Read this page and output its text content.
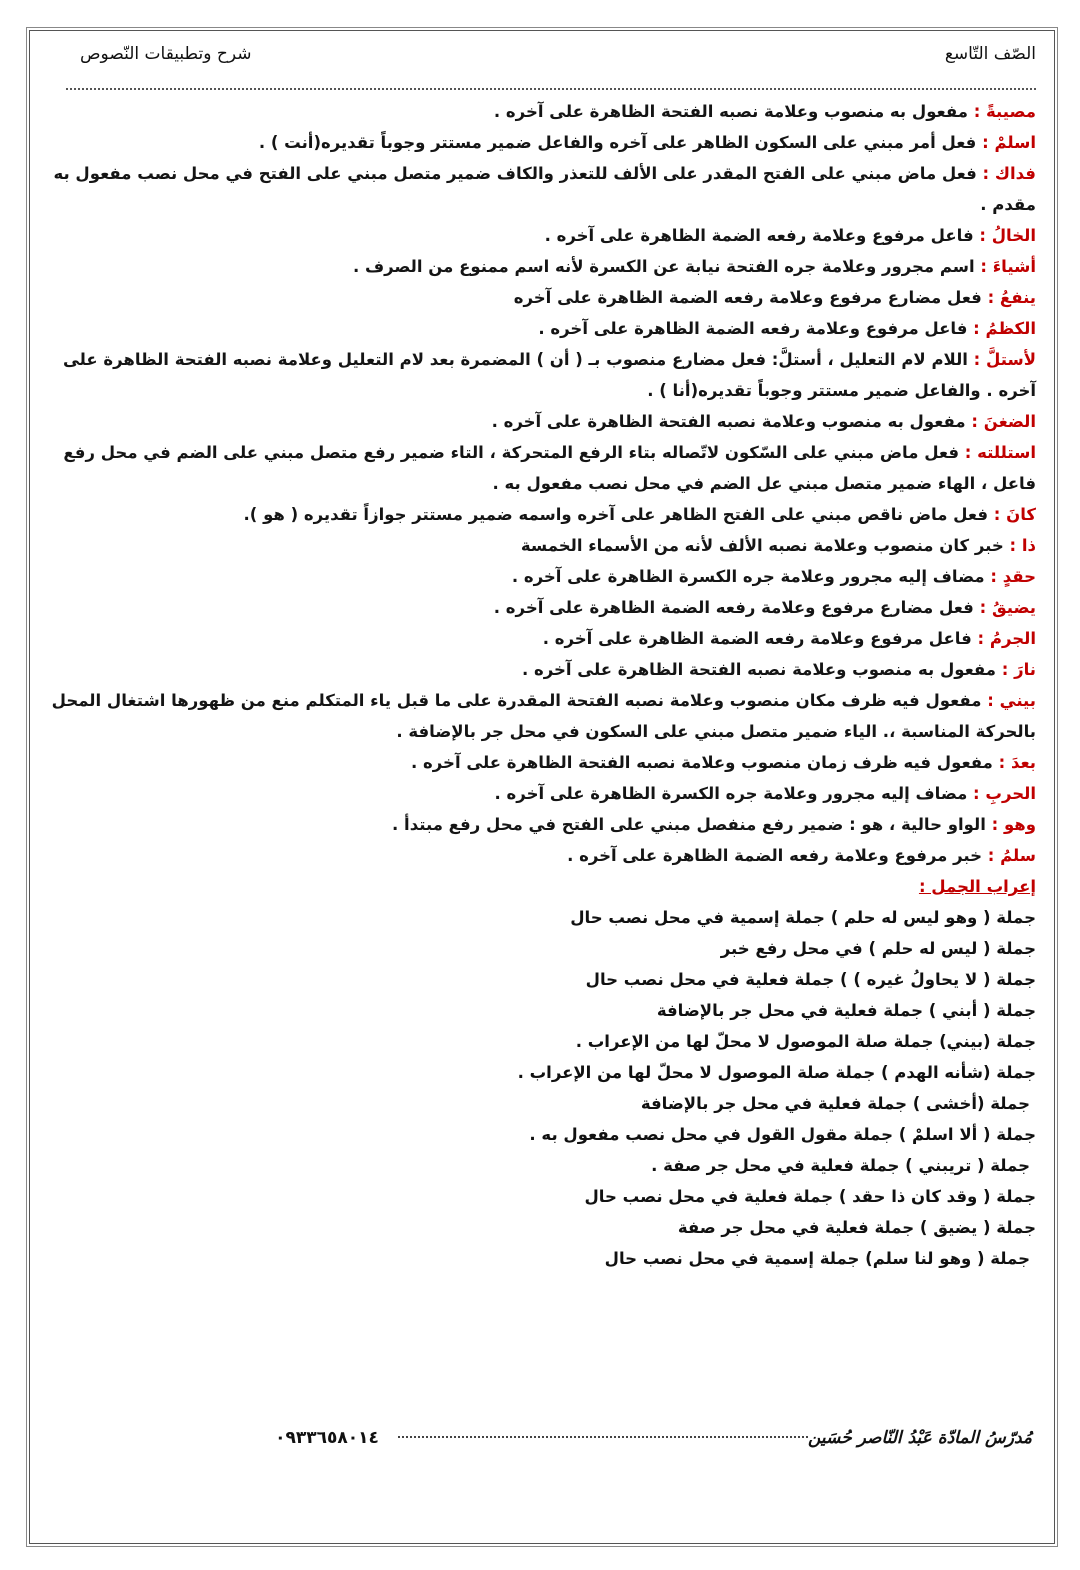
الصّف التّاسع
شرح وتطبيقات النّصوص

مصيبةً : مفعول به منصوب وعلامة نصبه الفتحة الظاهرة على آخره .

اسلمْ : فعل أمر مبني على السكون الظاهر على آخره والفاعل ضمير مستتر وجوباً تقديره(أنت ) .

فداك : فعل ماض مبني على الفتح المقدر على الألف للتعذر والكاف ضمير متصل مبني على الفتح في محل نصب مفعول به مقدم .

الخالُ : فاعل مرفوع وعلامة رفعه الضمة الظاهرة على آخره .

أشياءَ : اسم مجرور وعلامة جره الفتحة نيابة عن الكسرة لأنه اسم ممنوع من الصرف .

ينفعُ : فعل مضارع مرفوع وعلامة رفعه الضمة الظاهرة على آخره

الكظمُ : فاعل مرفوع وعلامة رفعه الضمة الظاهرة على آخره .

لأستلَّ : اللام لام التعليل ، أستلَّ: فعل مضارع منصوب بـ ( أن ) المضمرة بعد لام التعليل وعلامة نصبه الفتحة الظاهرة على آخره . والفاعل ضمير مستتر وجوباً تقديره(أنا ) .

الضغنَ : مفعول به منصوب وعلامة نصبه الفتحة الظاهرة على آخره .

استللته : فعل ماض مبني على السّكون لاتّصاله بتاء الرفع المتحركة ، التاء ضمير رفع متصل مبني على الضم في محل رفع فاعل ، الهاء ضمير متصل مبني عل الضم في محل نصب مفعول به .

كانَ : فعل ماض ناقص مبني على الفتح الظاهر على آخره واسمه ضمير مستتر جوازاً تقديره ( هو ).

ذا : خبر كان منصوب وعلامة نصبه الألف لأنه من الأسماء الخمسة

حقدٍ : مضاف إليه مجرور وعلامة جره الكسرة الظاهرة على آخره .

يضيقُ : فعل مضارع مرفوع وعلامة رفعه الضمة الظاهرة على آخره .

الجرمُ : فاعل مرفوع وعلامة رفعه الضمة الظاهرة على آخره .

نارَ : مفعول به منصوب وعلامة نصبه الفتحة الظاهرة على آخره .

بيني : مفعول فيه ظرف مكان منصوب وعلامة نصبه الفتحة المقدرة على ما قبل ياء المتكلم منع من ظهورها اشتغال المحل بالحركة المناسبة ،. الياء ضمير متصل مبني على السكون في محل جر بالإضافة .

بعدَ : مفعول فيه ظرف زمان منصوب وعلامة نصبه الفتحة الظاهرة على آخره .

الحربِ : مضاف إليه مجرور وعلامة جره الكسرة الظاهرة على آخره .

وهو : الواو حالية ، هو : ضمير رفع منفصل مبني على الفتح في محل رفع مبتدأ .

سلمُ : خبر مرفوع وعلامة رفعه الضمة الظاهرة على آخره .

إعراب الجمل :

جملة ( وهو ليس له حلم ) جملة إسمية في محل نصب حال

جملة ( ليس له حلم ) في محل رفع خبر

جملة ( لا يحاولُ غيره ) ) جملة فعلية في محل نصب حال

جملة ( أبني ) جملة فعلية في محل جر بالإضافة

جملة (بيني) جملة صلة الموصول لا محلّ لها من الإعراب .

جملة (شأنه الهدم ) جملة صلة الموصول لا محلّ لها من الإعراب .

جملة (أخشى ) جملة فعلية في محل جر بالإضافة

جملة ( ألا اسلمْ ) جملة مقول القول في محل نصب مفعول به .

جملة ( تريبني ) جملة فعلية في محل جر صفة .

جملة ( وقد كان ذا حقد ) جملة فعلية في محل نصب حال

جملة ( يضيق ) جملة فعلية في محل جر صفة

جملة ( وهو لنا سلم) جملة إسمية في محل نصب حال

مُدرّسُ المادّة عَبْدُ النّاصر حُسَين ٠٩٣٣٦٥٨٠١٤
